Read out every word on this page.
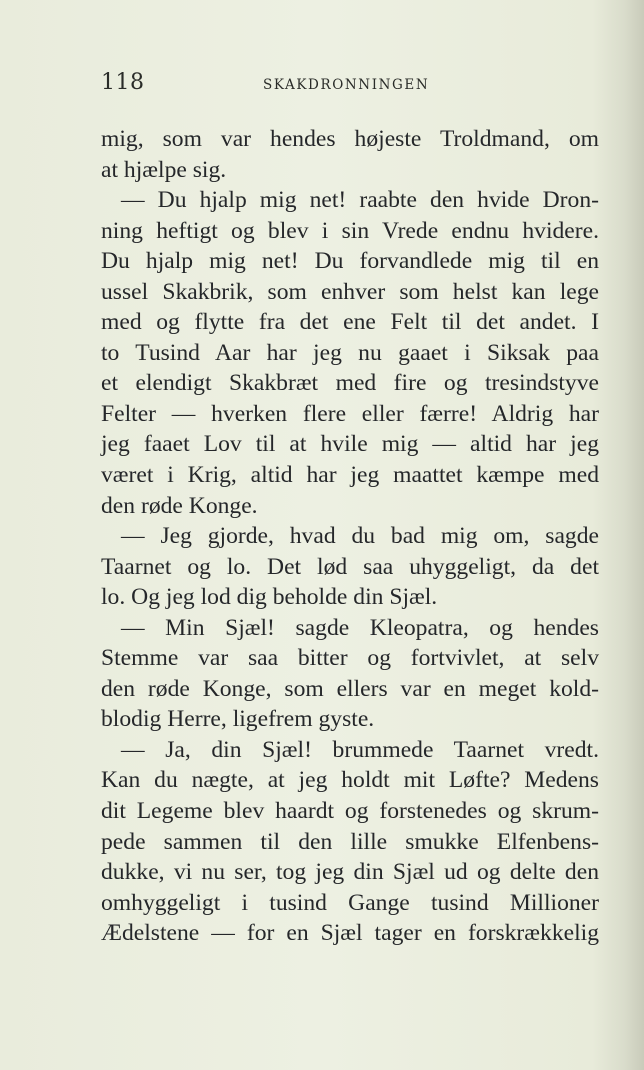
118	SKAKDRONNINGEN
mig, som var hendes højeste Troldmand, om
at hjælpe sig.
— Du hjalp mig net! raabte den hvide Dron-
ning heftigt og blev i sin Vrede endnu hvidere.
Du hjalp mig net! Du forvandlede mig til en
ussel Skakbrik, som enhver som helst kan lege
med og flytte fra det ene Felt til det andet. I
to Tusind Aar har jeg nu gaaet i Siksak paa
et elendigt Skakbræt med fire og tresindstyve
Felter — hverken flere eller færre! Aldrig har
jeg faaet Lov til at hvile mig — altid har jeg
været i Krig, altid har jeg maattet kæmpe med
den røde Konge.
— Jeg gjorde, hvad du bad mig om, sagde
Taarnet og lo. Det lød saa uhyggeligt, da det
lo. Og jeg lod dig beholde din Sjæl.
— Min Sjæl! sagde Kleopatra, og hendes
Stemme var saa bitter og fortvivlet, at selv
den røde Konge, som ellers var en meget kold-
blodig Herre, ligefrem gyste.
— Ja, din Sjæl! brummede Taarnet vredt.
Kan du nægte, at jeg holdt mit Løfte? Medens
dit Legeme blev haardt og forstenedes og skrum-
pede sammen til den lille smukke Elfenbens-
dukke, vi nu ser, tog jeg din Sjæl ud og delte den
omhyggeligt i tusind Gange tusind Millioner
Ædelstene — for en Sjæl tager en forskrækkelig
